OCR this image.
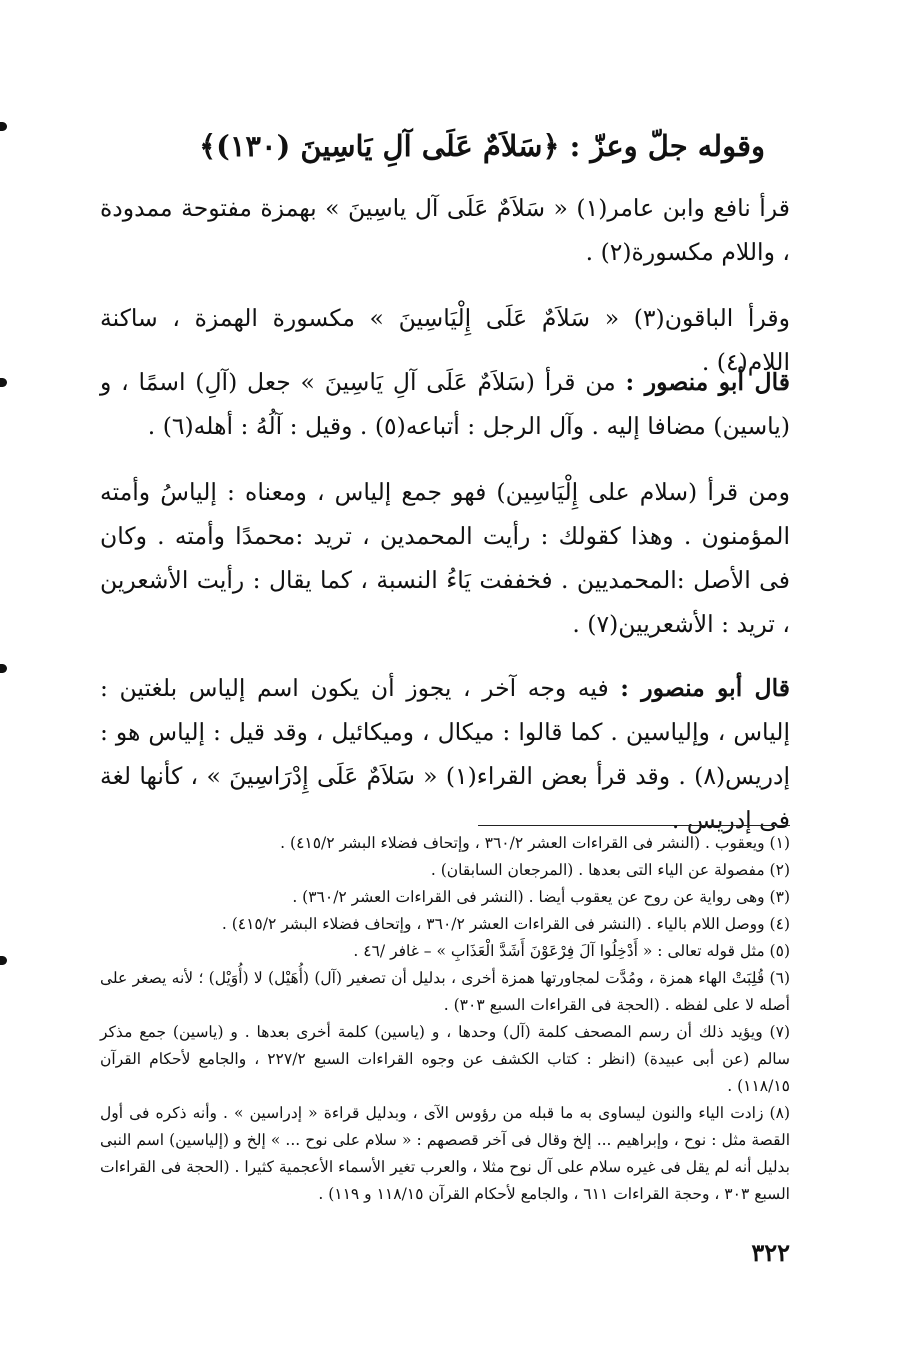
وقوله جلّ وعزّ : ﴿سَلاَمٌ عَلَى آلِ يَاسِينَ (١٣٠)﴾

قرأ نافع وابن عامر(١) « سَلاَمٌ عَلَى آل ياسِينَ » بهمزة مفتوحة ممدودة ، واللام مكسورة(٢) .

وقرأ الباقون(٣) « سَلاَمٌ عَلَى إِلْيَاسِينَ » مكسورة الهمزة ، ساكنة اللام(٤) .

قال أبو منصور : من قرأ (سَلاَمٌ عَلَى آلِ يَاسِينَ » جعل (آلِ) اسمًا ، و (ياسين) مضافا إليه . وآل الرجل : أتباعه(٥) . وقيل : آلُهُ : أهله(٦) .

ومن قرأ (سلام على إِلْيَاسِين) فهو جمع إلياس ، ومعناه : إلياسُ وأمته المؤمنون . وهذا كقولك : رأيت المحمدين ، تريد :محمدًا وأمته . وكان فى الأصل :المحمديين . فخففت يَاءُ النسبة ، كما يقال : رأيت الأشعرين ، تريد : الأشعريين(٧) .

قال أبو منصور : فيه وجه آخر ، يجوز أن يكون اسم إلياس بلغتين : إلياس ، وإلياسين . كما قالوا : ميكال ، وميكائيل ، وقد قيل : إلياس هو : إدريس(٨) . وقد قرأ بعض القراء(١) « سَلاَمٌ عَلَى إِدْرَاسِينَ » ، كأنها لغة فى إدريس .

(١) ويعقوب . (النشر فى القراءات العشر ٣٦٠/٢ ، وإتحاف فضلاء البشر ٤١٥/٢) .

(٢) مفصولة عن الياء التى بعدها . (المرجعان السابقان) .

(٣) وهى رواية عن روح عن يعقوب أيضا . (النشر فى القراءات العشر ٣٦٠/٢) .

(٤) ووصل اللام بالياء . (النشر فى القراءات العشر ٣٦٠/٢ ، وإتحاف فضلاء البشر ٤١٥/٢) .

(٥) مثل قوله تعالى : « أَدْخِلُوا آلَ فِرْعَوْنَ أَشَدَّ الْعَذَابِ » – غافر /٤٦ .

(٦) قُلِبَتْ الهاء همزة ، ومُدَّت لمجاورتها همزة أخرى ، بدليل أن تصغير (آل) (أُهَيْل) لا (أُوَيْل) ؛ لأنه يصغر على أصله لا على لفظه . (الحجة فى القراءات السبع ٣٠٣) .

(٧) ويؤيد ذلك أن رسم المصحف كلمة (آل) وحدها ، و (ياسين) كلمة أخرى بعدها . و (ياسين) جمع مذكر سالم (عن أبى عبيدة) (انظر : كتاب الكشف عن وجوه القراءات السبع ٢٢٧/٢ ، والجامع لأحكام القرآن ١١٨/١٥) .

(٨) زادت الياء والنون ليساوى به ما قبله من رؤوس الآى ، وبدليل قراءة « إدراسين » . وأنه ذكره فى أول القصة مثل : نوح ، وإبراهيم ... إلخ وقال فى آخر قصصهم : « سلام على نوح ... » إلخ و (إلياسين) اسم النبى بدليل أنه لم يقل فى غيره سلام على آل نوح مثلا ، والعرب تغير الأسماء الأعجمية كثيرا . (الحجة فى القراءات السبع ٣٠٣ ، وحجة القراءات ٦١١ ، والجامع لأحكام القرآن ١١٨/١٥ و ١١٩) .

٣٢٢
